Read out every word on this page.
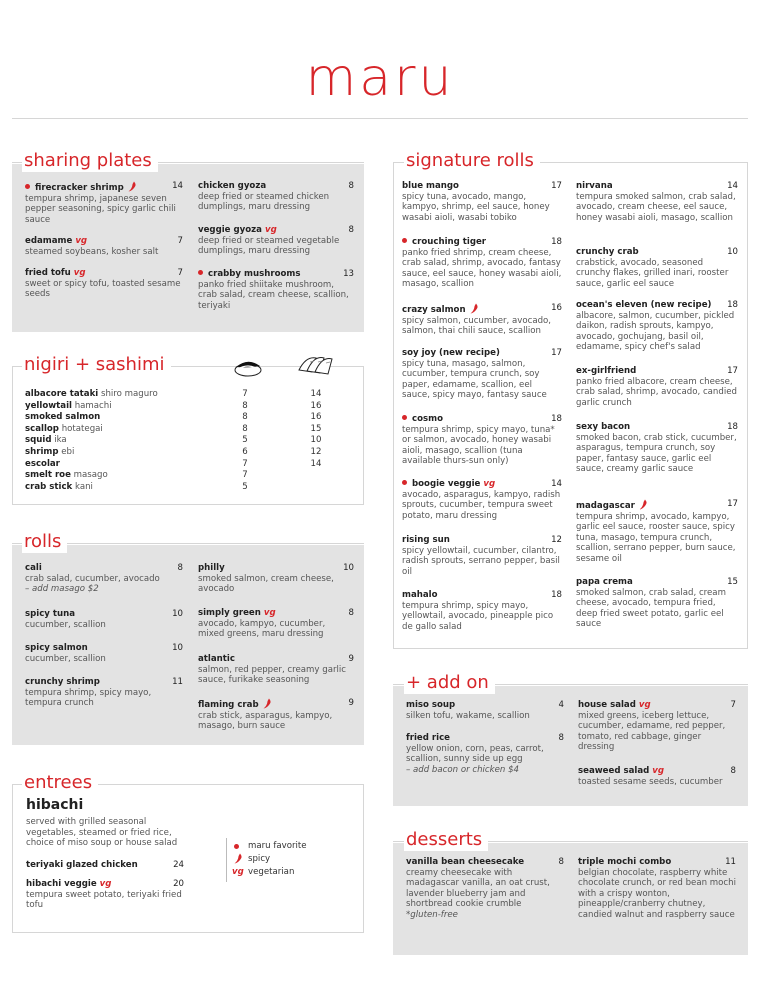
maru
sharing plates
firecracker shrimp	14
tempura shrimp, japanese seven pepper seasoning, spicy garlic chili sauce
edamame vg	7
steamed soybeans, kosher salt
fried tofu vg	7
sweet or spicy tofu, toasted sesame seeds
chicken gyoza	8
deep fried or steamed chicken dumplings, maru dressing
veggie gyoza vg	8
deep fried or steamed vegetable dumplings, maru dressing
crabby mushrooms	13
panko fried shiitake mushroom, crab salad, cream cheese, scallion, teriyaki
nigiri + sashimi
albacore tataki shiro maguro	7	14
yellowtail hamachi	8	16
smoked salmon	8	16
scallop hotategai	8	15
squid ika	5	10
shrimp ebi	6	12
escolar	7	14
smelt roe masago	7
crab stick kani	5
rolls
cali	8
crab salad, cucumber, avocado
– add masago $2
spicy tuna	10
cucumber, scallion
spicy salmon	10
cucumber, scallion
crunchy shrimp	11
tempura shrimp, spicy mayo, tempura crunch
philly	10
smoked salmon, cream cheese, avocado
simply green vg	8
avocado, kampyo, cucumber, mixed greens, maru dressing
atlantic	9
salmon, red pepper, creamy garlic sauce, furikake seasoning
flaming crab	9
crab stick, asparagus, kampyo, masago, burn sauce
entrees
hibachi
served with grilled seasonal vegetables, steamed or fried rice, choice of miso soup or house salad
teriyaki glazed chicken	24
hibachi veggie vg	20
tempura sweet potato, teriyaki fried tofu
maru favorite
spicy
vg vegetarian
signature rolls
blue mango	17
spicy tuna, avocado, mango, kampyo, shrimp, eel sauce, honey wasabi aioli, wasabi tobiko
crouching tiger	18
panko fried shrimp, cream cheese, crab salad, shrimp, avocado, fantasy sauce, eel sauce, honey wasabi aioli, masago, scallion
crazy salmon	16
spicy salmon, cucumber, avocado, salmon, thai chili sauce, scallion
soy joy (new recipe)	17
spicy tuna, masago, salmon, cucumber, tempura crunch, soy paper, edamame, scallion, eel sauce, spicy mayo, fantasy sauce
cosmo	18
tempura shrimp, spicy mayo, tuna* or salmon, avocado, honey wasabi aioli, masago, scallion (tuna available thurs-sun only)
boogie veggie vg	14
avocado, asparagus, kampyo, radish sprouts, cucumber, tempura sweet potato, maru dressing
rising sun	12
spicy yellowtail, cucumber, cilantro, radish sprouts, serrano pepper, basil oil
mahalo	18
tempura shrimp, spicy mayo, yellowtail, avocado, pineapple pico de gallo salad
nirvana	14
tempura smoked salmon, crab salad, avocado, cream cheese, eel sauce, honey wasabi aioli, masago, scallion
crunchy crab	10
crabstick, avocado, seasoned crunchy flakes, grilled inari, rooster sauce, garlic eel sauce
ocean's eleven (new recipe) 18
albacore, salmon, cucumber, pickled daikon, radish sprouts, kampyo, avocado, gochujang, basil oil, edamame, spicy chef's salad
ex-girlfriend	17
panko fried albacore, cream cheese, crab salad, shrimp, avocado, candied garlic crunch
sexy bacon	18
smoked bacon, crab stick, cucumber, asparagus, tempura crunch, soy paper, fantasy sauce, garlic eel sauce, creamy garlic sauce
madagascar	17
tempura shrimp, avocado, kampyo, garlic eel sauce, rooster sauce, spicy tuna, masago, tempura crunch, scallion, serrano pepper, burn sauce, sesame oil
papa crema	15
smoked salmon, crab salad, cream cheese, avocado, tempura fried, deep fried sweet potato, garlic eel sauce
+ add on
miso soup	4
silken tofu, wakame, scallion
fried rice	8
yellow onion, corn, peas, carrot, scallion, sunny side up egg
– add bacon or chicken $4
house salad vg	7
mixed greens, iceberg lettuce, cucumber, edamame, red pepper, tomato, red cabbage, ginger dressing
seaweed salad vg	8
toasted sesame seeds, cucumber
desserts
vanilla bean cheesecake	8
creamy cheesecake with madagascar vanilla, an oat crust, lavender blueberry jam and shortbread cookie crumble
*gluten-free
triple mochi combo	11
belgian chocolate, raspberry white chocolate crunch, or red bean mochi with a crispy wonton, pineapple/cranberry chutney, candied walnut and raspberry sauce
